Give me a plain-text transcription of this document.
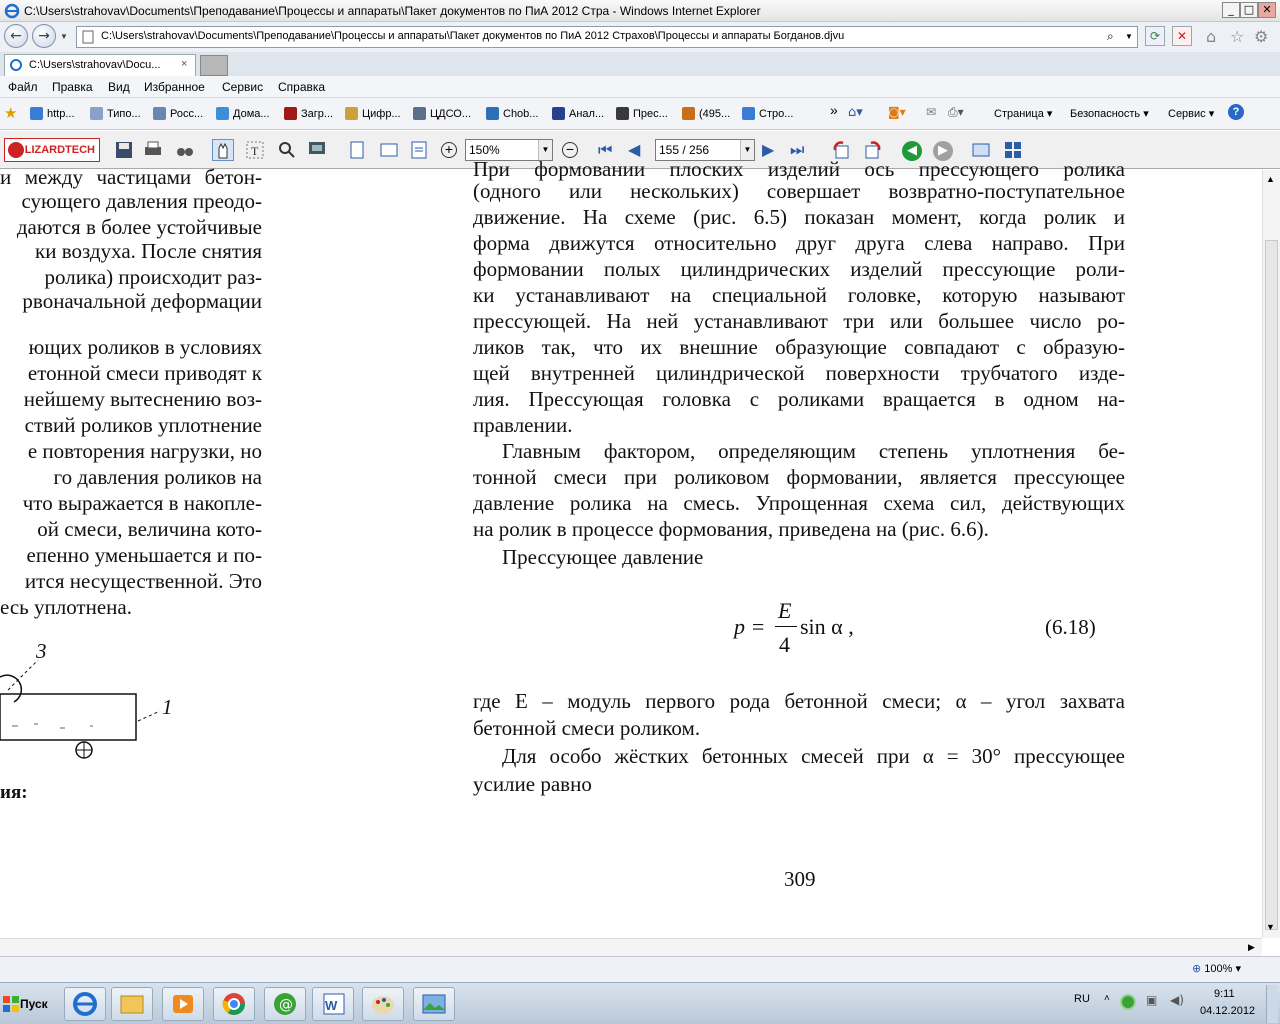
C:\Users\strahovav\Documents\Преподавание\Процессы и аппараты\Пакет документов по ПиА 2012 Стра - Windows Internet Explorer	_ □ ✕
←	→	▼	C:\Users\strahovav\Documents\Преподавание\Процессы и аппараты\Пакет документов по ПиА 2012 Страхов\Процессы и аппараты Богданов.djvu	⌕ ▼	⟳	✕	⌂ ☆ ⚙
C:\Users\strahovav\Docu... ×
Файл Правка Вид Избранное Сервис Справка
★	http...	Типо...	Росс...	Дома...	Загр...	Цифр...	ЦДСО...	Chob...	Анал...	Прес...	(495...	Стро...	» ⌂▾ ◙▾ ✉ ⎙▾	Страница ▾ Безопасность ▾ Сервис ▾	?
LIZARDTECH	T	+	150%	▼ − ⏮ ◀	155 / 256	▼ ▶ ⏭	◀	▶
При формовании плоских изделий ось прессующего ролика
(одного или нескольких) совершает возвратно-поступательное
движение. На схеме (рис. 6.5) показан момент, когда ролик и
форма движутся относительно друг друга слева направо. При
формовании полых цилиндрических изделий прессующие роли-
ки устанавливают на специальной головке, которую называют
прессующей. На ней устанавливают три или большее число ро-
ликов так, что их внешние образующие совпадают с образую-
щей внутренней цилиндрической поверхности трубчатого изде-
лия. Прессующая головка с роликами вращается в одном на-
правлении.
Главным фактором, определяющим степень уплотнения бе-
тонной смеси при роликовом формовании, является прессующее
давление ролика на смесь. Упрощенная схема сил, действующих
на ролик в процессе формования, приведена на (рис. 6.6).
Прессующее давление
p =
E
4
sin α ,	(6.18)
где E – модуль первого рода бетонной смеси; α – угол захвата
бетонной смеси роликом.
Для особо жёстких бетонных смесей при α = 30° прессующее
усилие равно
309
и между частицами бетон-
сующего давления преодо-
даются в более устойчивые
ки воздуха. После снятия
ролика) происходит раз-
рвоначальной деформации
ющих роликов в условиях
етонной смеси приводят к
нейшему вытеснению воз-
ствий роликов уплотнение
е повторения нагрузки, но
го давления роликов на
что выражается в накопле-
ой смеси, величина кото-
епенно уменьшается и по-
ится несущественной. Это
есь уплотнена.
3
1
ия:
▲
▼
▶
⊕ 100% ▾
Пуск	@ W	RU ˄	▣ ◀)	9:11
04.12.2012
